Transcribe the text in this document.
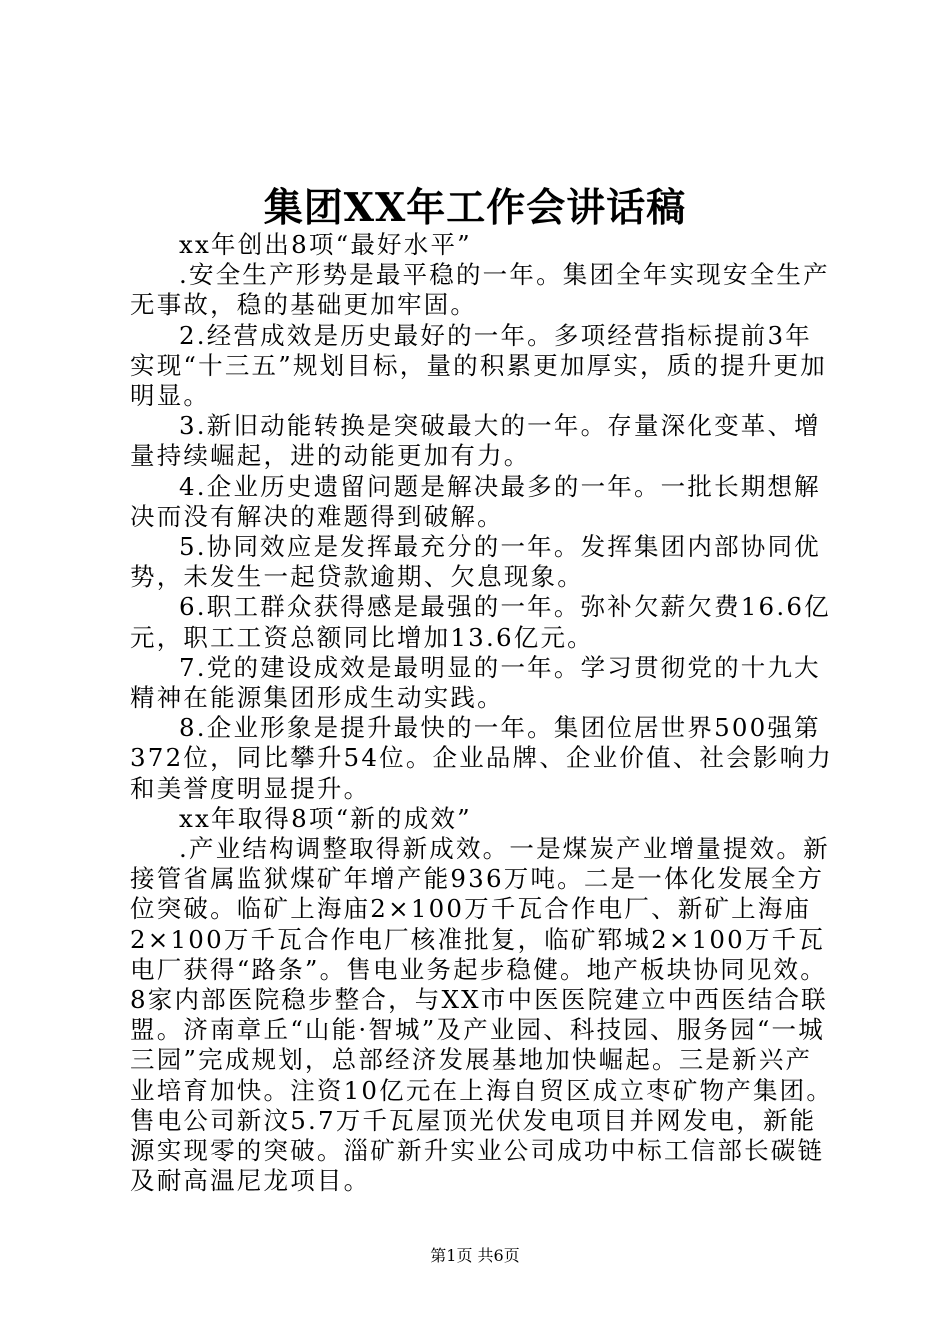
集团XX年工作会讲话稿

xx年创出8项“最好水平”

.安全生产形势是最平稳的一年。集团全年实现安全生产无事故，稳的基础更加牢固。

2.经营成效是历史最好的一年。多项经营指标提前3年实现“十三五”规划目标，量的积累更加厚实，质的提升更加明显。

3.新旧动能转换是突破最大的一年。存量深化变革、增量持续崛起，进的动能更加有力。

4.企业历史遗留问题是解决最多的一年。一批长期想解决而没有解决的难题得到破解。

5.协同效应是发挥最充分的一年。发挥集团内部协同优势，未发生一起贷款逾期、欠息现象。

6.职工群众获得感是最强的一年。弥补欠薪欠费16.6亿元，职工工资总额同比增加13.6亿元。

7.党的建设成效是最明显的一年。学习贯彻党的十九大精神在能源集团形成生动实践。

8.企业形象是提升最快的一年。集团位居世界500强第372位，同比攀升54位。企业品牌、企业价值、社会影响力和美誉度明显提升。

xx年取得8项“新的成效”

.产业结构调整取得新成效。一是煤炭产业增量提效。新接管省属监狱煤矿年增产能936万吨。二是一体化发展全方位突破。临矿上海庙2×100万千瓦合作电厂、新矿上海庙2×100万千瓦合作电厂核准批复，临矿郓城2×100万千瓦电厂获得“路条”。售电业务起步稳健。地产板块协同见效。8家内部医院稳步整合，与XX市中医医院建立中西医结合联盟。济南章丘“山能·智城”及产业园、科技园、服务园“一城三园”完成规划，总部经济发展基地加快崛起。三是新兴产业培育加快。注资10亿元在上海自贸区成立枣矿物产集团。售电公司新汶5.7万千瓦屋顶光伏发电项目并网发电，新能源实现零的突破。淄矿新升实业公司成功中标工信部长碳链及耐高温尼龙项目。

第1页 共6页
